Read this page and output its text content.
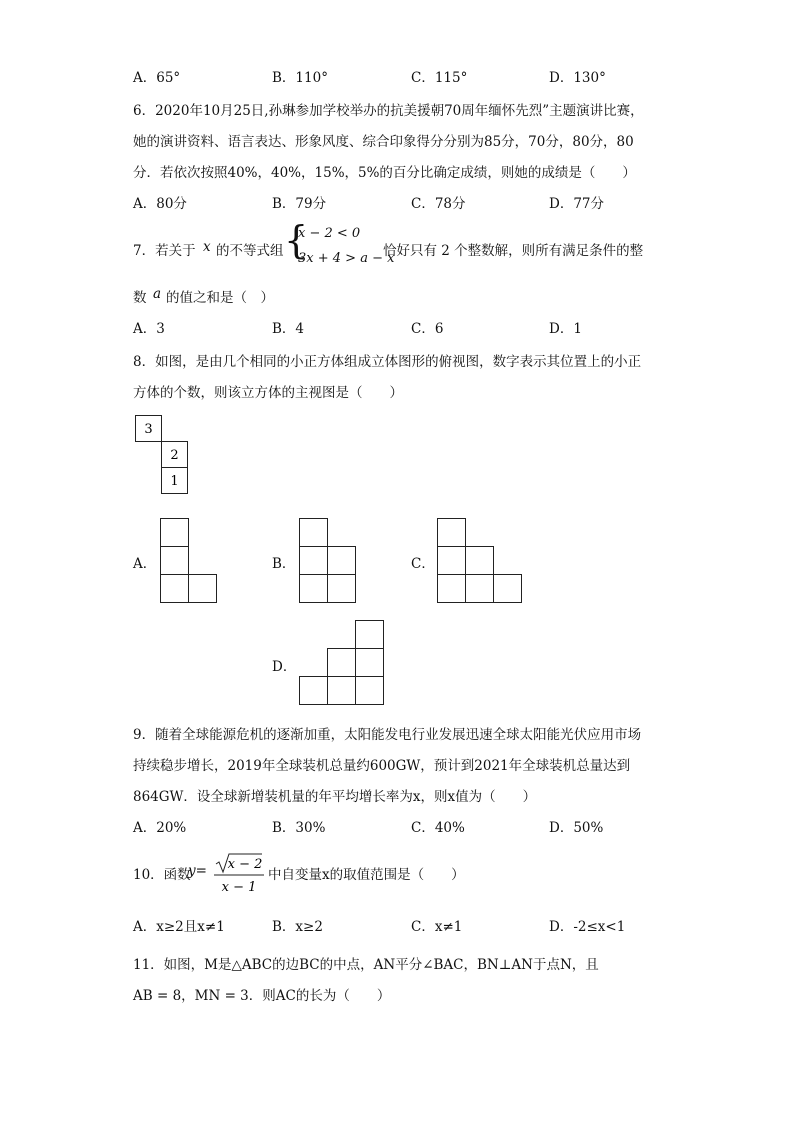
A．65°	B．110°	C．115°	D．130°
6．2020年10月25日,孙琳参加学校举办的抗美援朝70周年缅怀先烈”主题演讲比赛，
她的演讲资料、语言表达、形象风度、综合印象得分分别为85分，70分，80分，80
分．若依次按照40%，40%，15%，5%的百分比确定成绩，则她的成绩是（　　）
A．80分	B．79分	C．78分	D．77分
7．若关于 x 的不等式组 {
x − 2 < 0
3x + 4 > a − x
恰好只有 2 个整数解，则所有满足条件的整
数 a 的值之和是（　）
A．3	B．4	C．6	D．1
8．如图，是由几个相同的小正方体组成立体图形的俯视图，数字表示其位置上的小正
方体的个数，则该立方体的主视图是（　　）
3
2
1
A．	B．	C．
D．
9．随着全球能源危机的逐渐加重，太阳能发电行业发展迅速全球太阳能光伏应用市场
持续稳步增长，2019年全球装机总量约600GW，预计到2021年全球装机总量达到
864GW．设全球新增装机量的年平均增长率为x，则x值为（　　）
A．20%	B．30%	C．40%	D．50%
10．函数
y= x − 2
x − 1
中自变量x的取值范围是（　　）
A．x≥2且x≠1	B．x≥2	C．x≠1	D．-2≤x<1
11．如图，M是△ABC的边BC的中点，AN平分∠BAC，BN⊥AN于点N，且
AB = 8，MN = 3．则AC的长为（　　）
